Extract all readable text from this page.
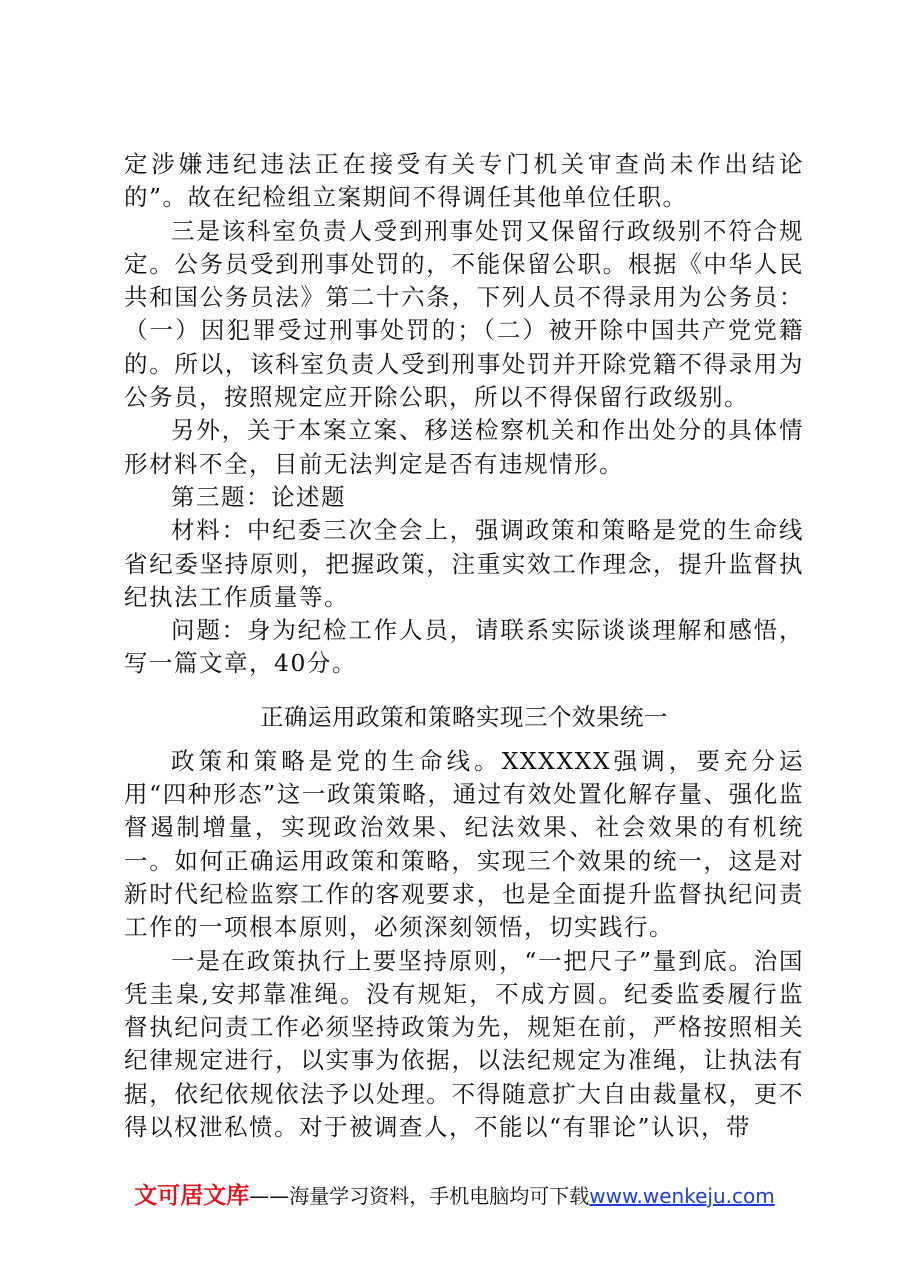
定涉嫌违纪违法正在接受有关专门机关审查尚未作出结论的”。故在纪检组立案期间不得调任其他单位任职。

三是该科室负责人受到刑事处罚又保留行政级别不符合规定。公务员受到刑事处罚的，不能保留公职。根据《中华人民共和国公务员法》第二十六条，下列人员不得录用为公务员：（一）因犯罪受过刑事处罚的；（二）被开除中国共产党党籍的。所以，该科室负责人受到刑事处罚并开除党籍不得录用为公务员，按照规定应开除公职，所以不得保留行政级别。

另外，关于本案立案、移送检察机关和作出处分的具体情形材料不全，目前无法判定是否有违规情形。

第三题：论述题

材料：中纪委三次全会上，强调政策和策略是党的生命线省纪委坚持原则，把握政策，注重实效工作理念，提升监督执纪执法工作质量等。

问题：身为纪检工作人员，请联系实际谈谈理解和感悟，写一篇文章，40分。

正确运用政策和策略实现三个效果统一

政策和策略是党的生命线。XXXXXX强调，要充分运用“四种形态”这一政策策略，通过有效处置化解存量、强化监督遏制增量，实现政治效果、纪法效果、社会效果的有机统一。如何正确运用政策和策略，实现三个效果的统一，这是对新时代纪检监察工作的客观要求，也是全面提升监督执纪问责工作的一项根本原则，必须深刻领悟，切实践行。

一是在政策执行上要坚持原则，“一把尺子”量到底。治国凭圭臬,安邦靠准绳。没有规矩，不成方圆。纪委监委履行监督执纪问责工作必须坚持政策为先，规矩在前，严格按照相关纪律规定进行，以实事为依据，以法纪规定为准绳，让执法有据，依纪依规依法予以处理。不得随意扩大自由裁量权，更不得以权泄私愤。对于被调查人，不能以“有罪论”认识，带

文可居文库——海量学习资料，手机电脑均可下载www.wenkeju.com
